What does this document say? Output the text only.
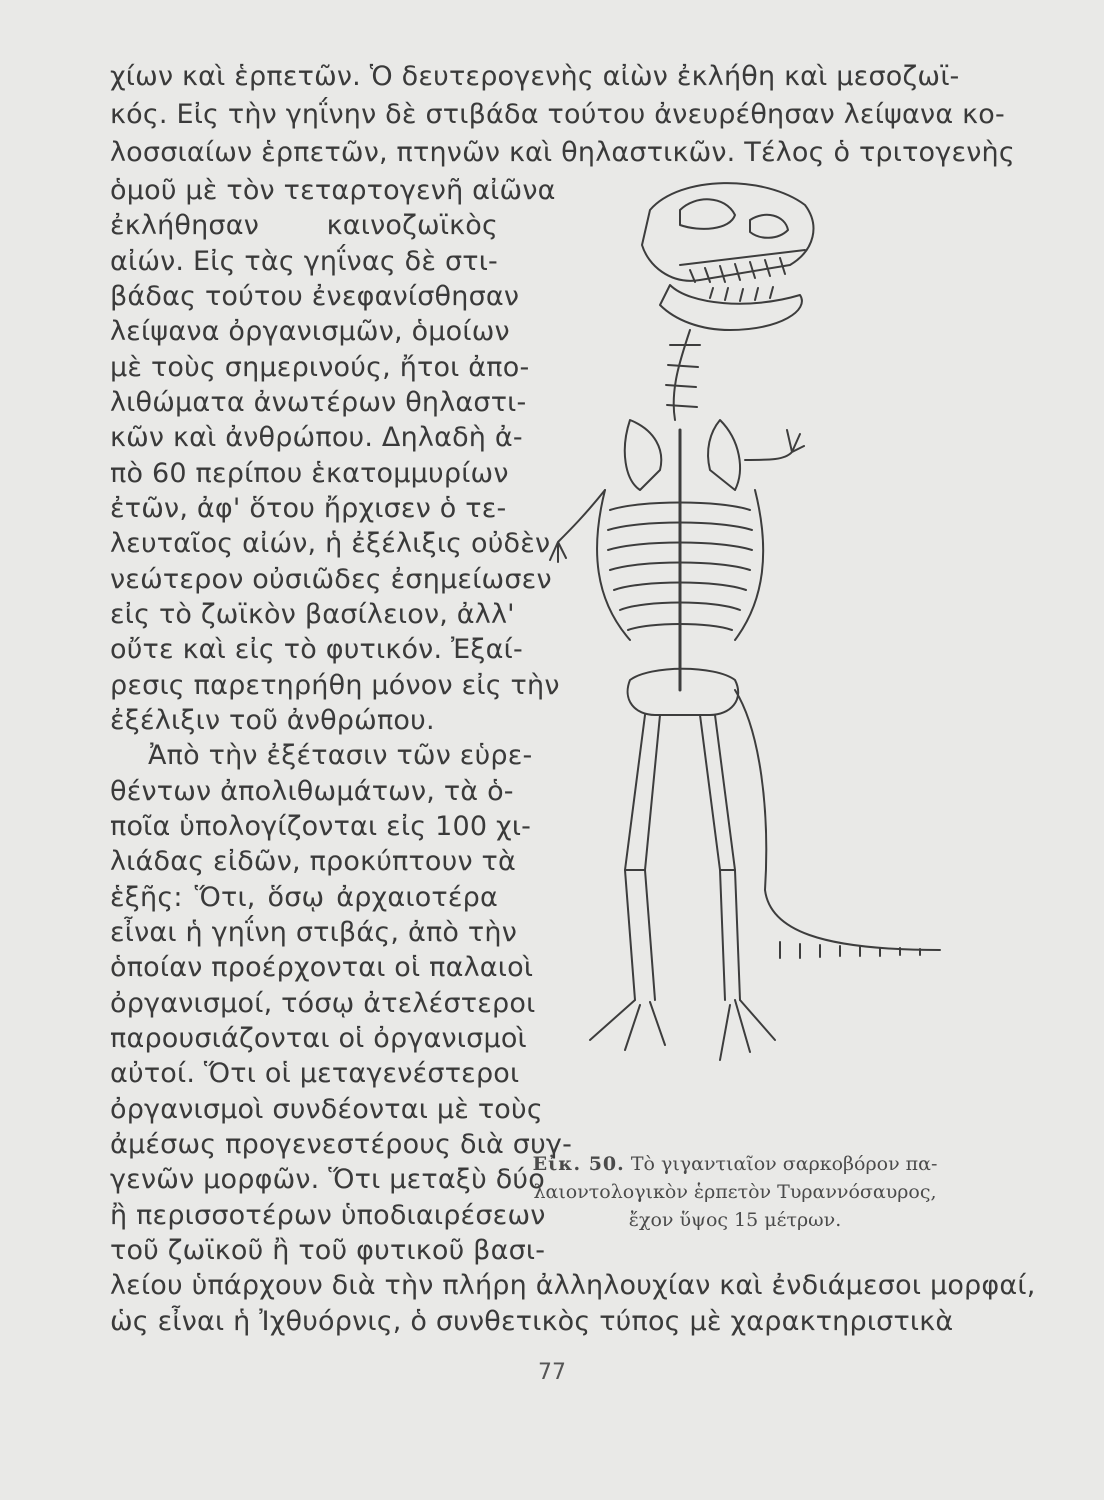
χίων καὶ ἑρπετῶν. Ὁ δευτερογενὴς αἰὼν ἐκλήθη καὶ μεσοζωϊ-
κός. Εἰς τὴν γηΐνην δὲ στιβάδα τούτου ἀνευρέθησαν λείψανα κο-
λοσσιαίων ἑρπετῶν, πτηνῶν καὶ θηλαστικῶν. Τέλος ὁ τριτογενὴς
ὁμοῦ μὲ τὸν τεταρτογενῆ αἰῶνα
ἐκλήθησαν καινοζωϊκὸς
αἰών. Εἰς τὰς γηΐνας δὲ στι-
βάδας τούτου ἐνεφανίσθησαν
λείψανα ὀργανισμῶν, ὁμοίων
μὲ τοὺς σημερινούς, ἤτοι ἀπο-
λιθώματα ἀνωτέρων θηλαστι-
κῶν καὶ ἀνθρώπου. Δηλαδὴ ἀ-
πὸ 60 περίπου ἑκατομμυρίων
ἐτῶν, ἀφ' ὅτου ἤρχισεν ὁ τε-
λευταῖος αἰών, ἡ ἐξέλιξις οὐδὲν
νεώτερον οὐσιῶδες ἐσημείωσεν
εἰς τὸ ζωϊκὸν βασίλειον, ἀλλ'
οὔτε καὶ εἰς τὸ φυτικόν. Ἐξαί-
ρεσις παρετηρήθη μόνον εἰς τὴν
ἐξέλιξιν τοῦ ἀνθρώπου.
Ἀπὸ τὴν ἐξέτασιν τῶν εὑρε-
θέντων ἀπολιθωμάτων, τὰ ὁ-
ποῖα ὑπολογίζονται εἰς 100 χι-
λιάδας εἰδῶν, προκύπτουν τὰ
ἑξῆς: Ὅτι, ὅσῳ ἀρχαιοτέρα
εἶναι ἡ γηΐνη στιβάς, ἀπὸ τὴν
ὁποίαν προέρχονται οἱ παλαιοὶ
ὀργανισμοί, τόσῳ ἀτελέστεροι
παρουσιάζονται οἱ ὀργανισμοὶ
αὐτοί. Ὅτι οἱ μεταγενέστεροι
ὀργανισμοὶ συνδέονται μὲ τοὺς
ἀμέσως προγενεστέρους διὰ συγ-
γενῶν μορφῶν. Ὅτι μεταξὺ δύο
ἢ περισσοτέρων ὑποδιαιρέσεων
τοῦ ζωϊκοῦ ἢ τοῦ φυτικοῦ βασι-
Εἰκ. 50. Τὸ γιγαντιαῖον σαρκοβόρον πα-
λαιοντολογικὸν ἑρπετὸν Τυραννόσαυρος,
ἔχον ὕψος 15 μέτρων.
77
λείου ὑπάρχουν διὰ τὴν πλήρη ἀλληλουχίαν καὶ ἐνδιάμεσοι μορφαί,
ὡς εἶναι ἡ Ἰχθυόρνις, ὁ συνθετικὸς τύπος μὲ χαρακτηριστικὰ
